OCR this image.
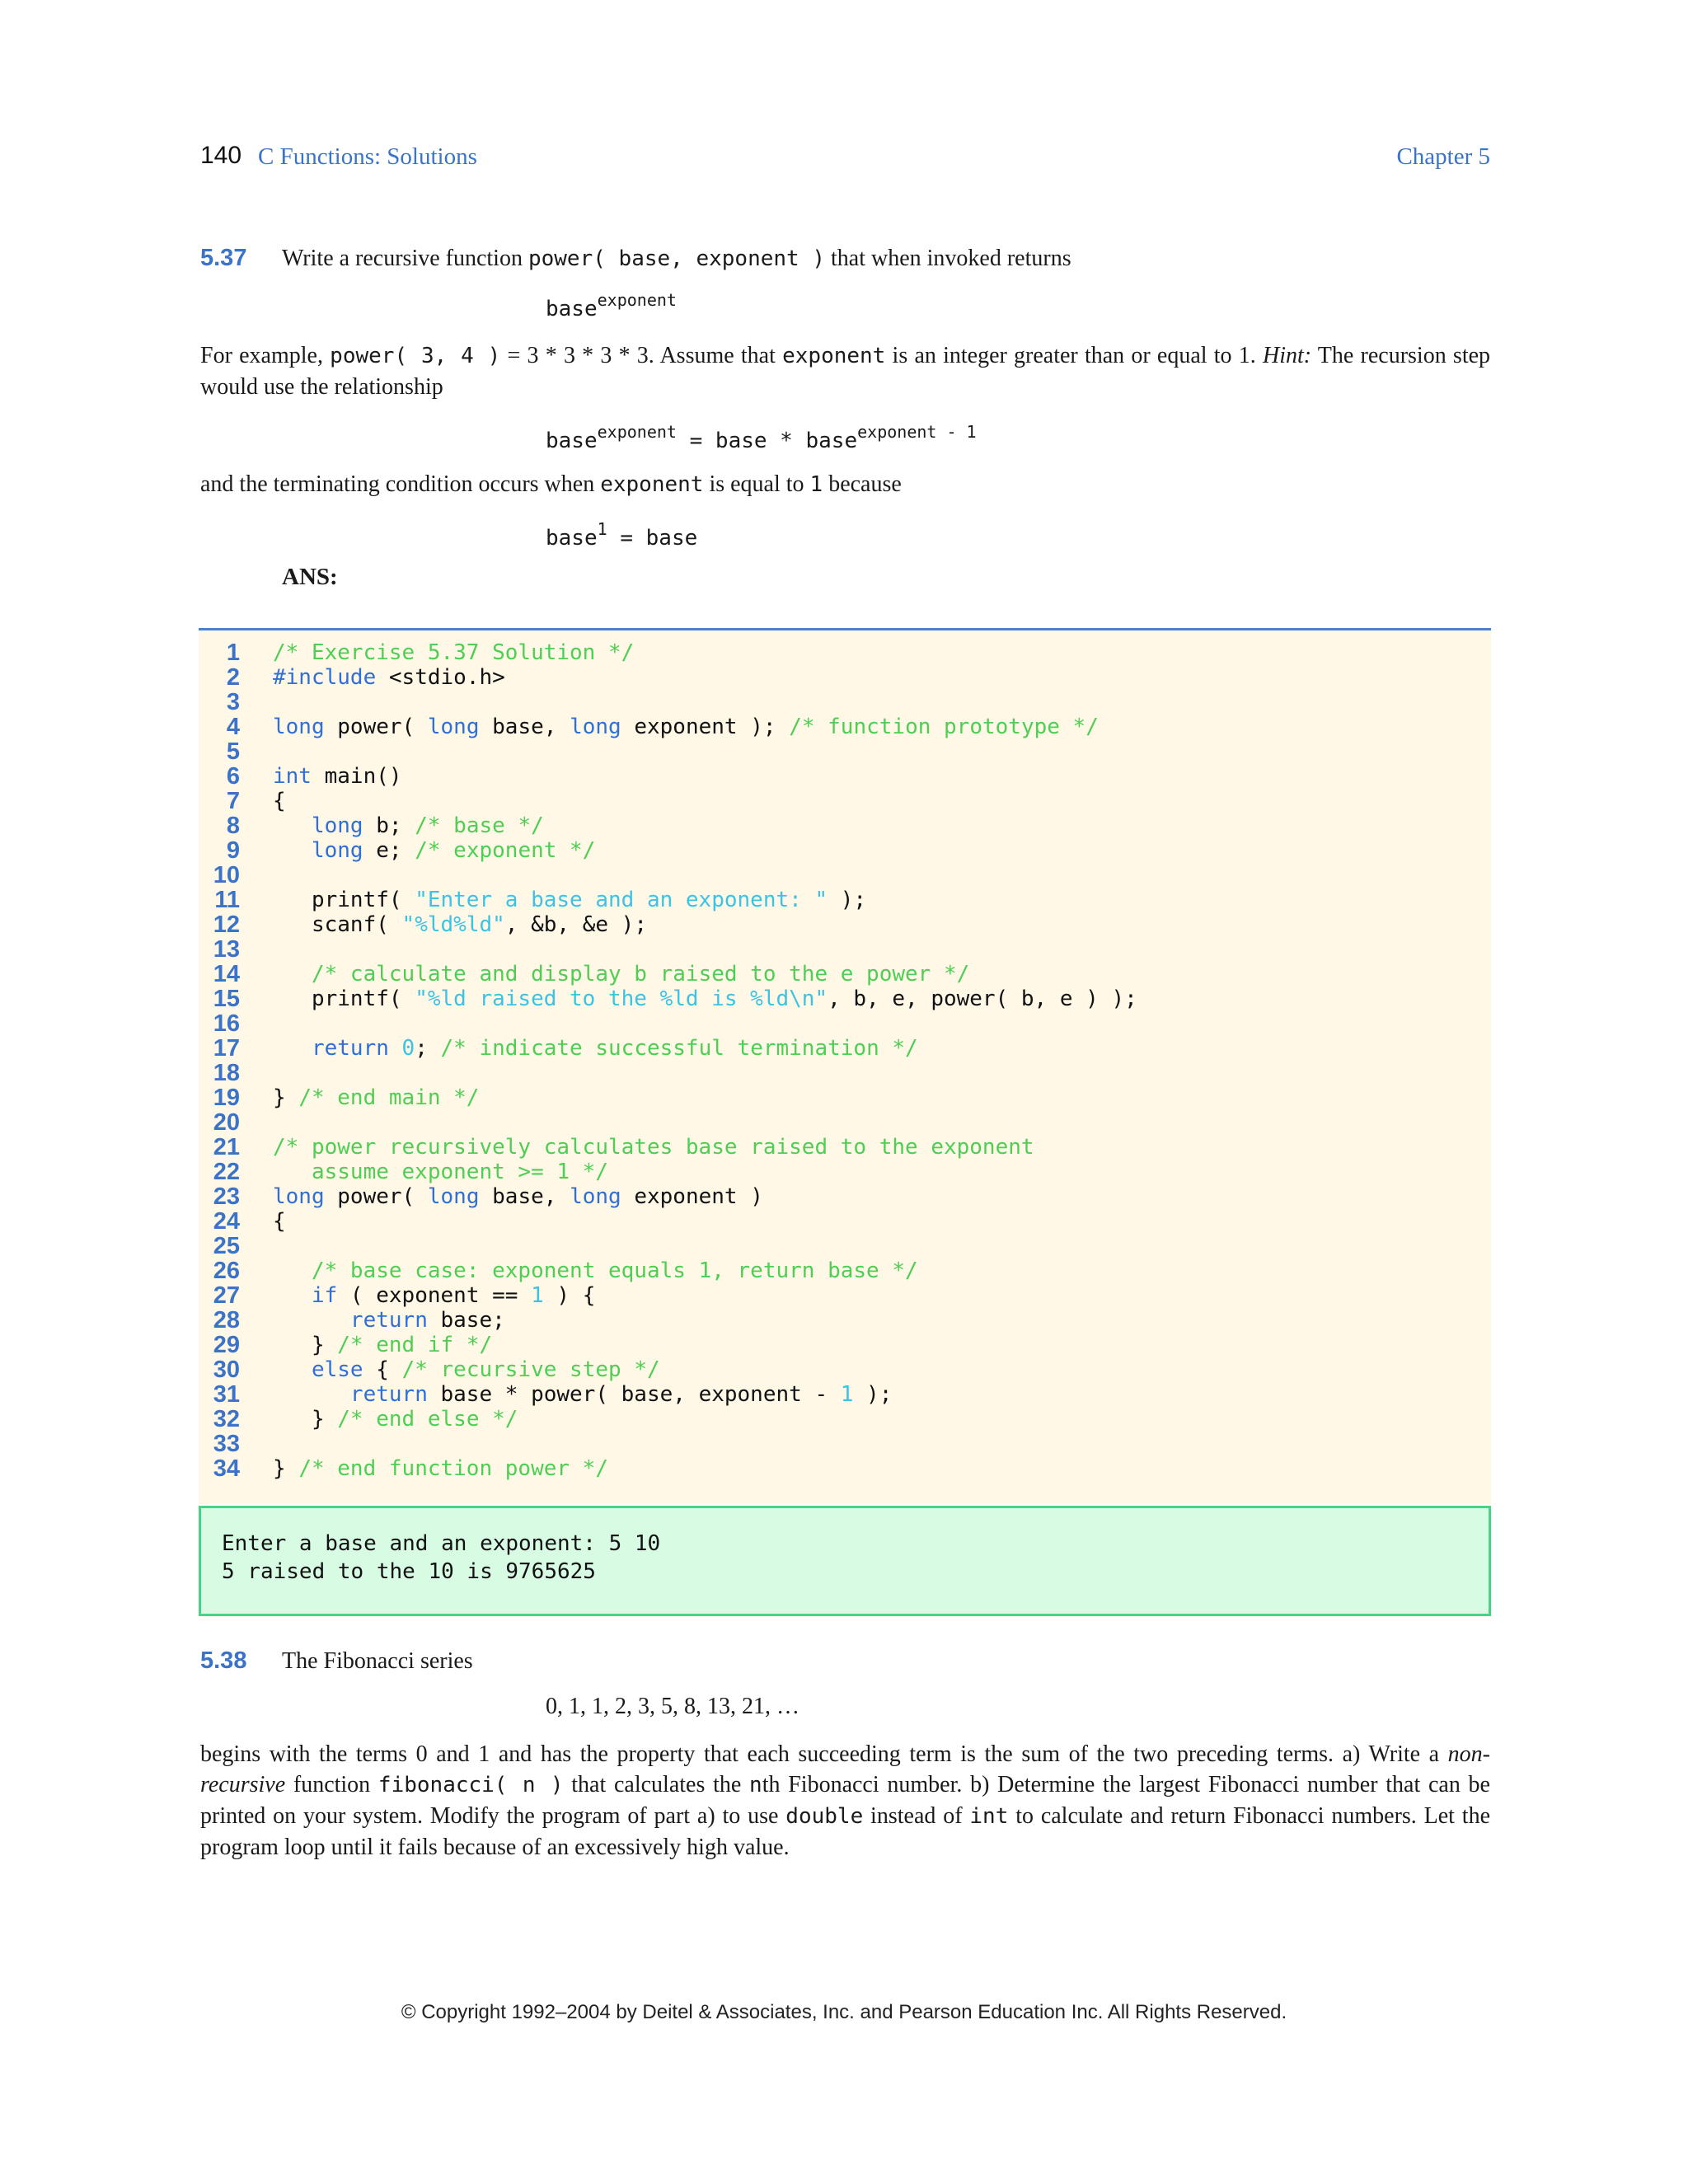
140 C Functions: Solutions	Chapter 5
5.37 Write a recursive function power( base, exponent ) that when invoked returns
base$^{exponent}$
For example, power( 3, 4 ) = 3 * 3 * 3 * 3. Assume that exponent is an integer greater than or equal to 1. Hint: The recursion step would use the relationship
base$^{exponent}$ = base * base$^{exponent - 1}$
and the terminating condition occurs when exponent is equal to 1 because
base$^1$ = base
ANS:
1 /* Exercise 5.37 Solution */
2 #include <stdio.h>
3
4 long power( long base, long exponent ); /* function prototype */
5
6 int main()
7 {
8	long b; /* base */
9	long e; /* exponent */
10
11 printf( "Enter a base and an exponent: " );
12 scanf( "%ld%ld", &b, &e );
13
14	/* calculate and display b raised to the e power */
15 printf( "%ld raised to the %ld is %ld\n", b, e, power( b, e ) );
16
17	return 0; /* indicate successful termination */
18
19 } /* end main */
20
21 /* power recursively calculates base raised to the exponent
22 assume exponent >= 1 */
23 long power( long base, long exponent )
24 {
25
26	/* base case: exponent equals 1, return base */
27	if ( exponent == 1 ) {
28	return base;
29 } /* end if */
30	else { /* recursive step */
31	return base * power( base, exponent - 1 );
32 } /* end else */
33
34 } /* end function power */
Enter a base and an exponent: 5 10
5 raised to the 10 is 9765625
5.38 The Fibonacci series
0, 1, 1, 2, 3, 5, 8, 13, 21, …
begins with the terms 0 and 1 and has the property that each succeeding term is the sum of the two preceding terms. a) Write a non-recursive function fibonacci( n ) that calculates the nth Fibonacci number. b) Determine the largest Fibonacci number that can be printed on your system. Modify the program of part a) to use double instead of int to calculate and return Fibonacci numbers. Let the program loop until it fails because of an excessively high value.
© Copyright 1992–2004 by Deitel & Associates, Inc. and Pearson Education Inc. All Rights Reserved.
